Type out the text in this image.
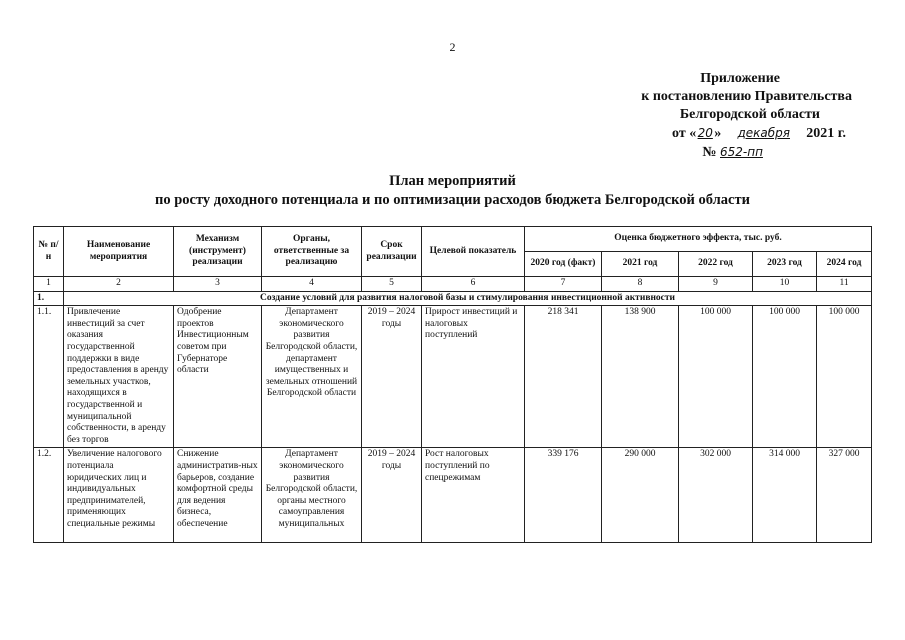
2
Приложение
к постановлению Правительства
Белгородской области
от «20» декабря 2021 г.
№ 652-пп
План мероприятий
по росту доходного потенциала и по оптимизации расходов бюджета Белгородской области
№ п/н	Наименование мероприятия	Механизм (инструмент) реализации	Органы, ответственные за реализацию	Срок реализации	Целевой показатель	Оценка бюджетного эффекта, тыс. руб.				
						2020 год (факт)	2021 год	2022 год	2023 год	2024 год
1	2	3	4	5	6	7	8	9	10	11
1.	Создание условий для развития налоговой базы и стимулирования инвестиционной активности									
1.1.	Привлечение инвестиций за счет оказания государственной поддержки в виде предоставления в аренду земельных участков, находящихся в государственной и муниципальной собственности, в аренду без торгов	Одобрение проектов Инвестиционным советом при Губернаторе области	Департамент экономического развития Белгородской области, департамент имущественных и земельных отношений Белгородской области	2019 – 2024 годы	Прирост инвестиций и налоговых поступлений	218 341	138 900	100 000	100 000	100 000

1.2.	Увеличение налогового потенциала юридических лиц и индивидуальных предпринимателей, применяющих специальные режимы	Снижение административ-ных барьеров, создание комфортной среды для ведения бизнеса, обеспечение	Департамент экономического развития Белгородской области, органы местного самоуправления муниципальных	2019 – 2024 годы	Рост налоговых поступлений по спецрежимам	339 176	290 000	302 000	314 000	327 000
